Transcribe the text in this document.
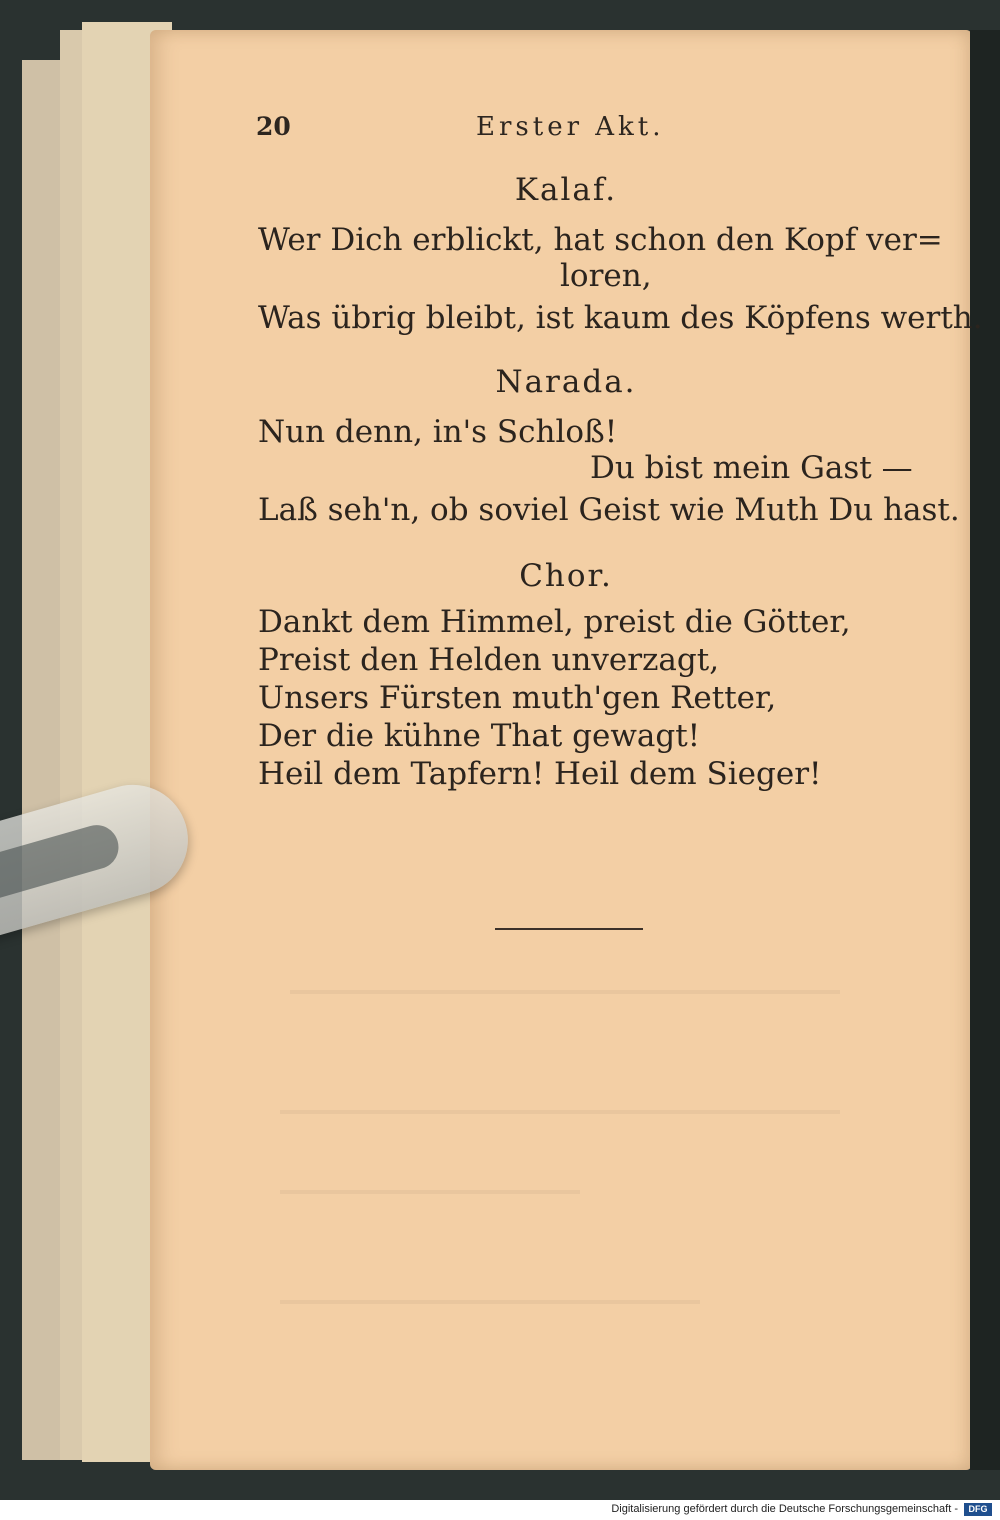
20	Erster Akt.
Kalaf.
Wer Dich erblickt, hat schon den Kopf ver=
loren,
Was übrig bleibt, ist kaum des Köpfens werth.
Narada.
Nun denn, in's Schloß!
Du bist mein Gast —
Laß seh'n, ob soviel Geist wie Muth Du hast.
Chor.
Dankt dem Himmel, preist die Götter,
Preist den Helden unverzagt,
Unsers Fürsten muth'gen Retter,
Der die kühne That gewagt!
Heil dem Tapfern! Heil dem Sieger!
Digitalisierung gefördert durch die Deutsche Forschungsgemeinschaft -	DFG
